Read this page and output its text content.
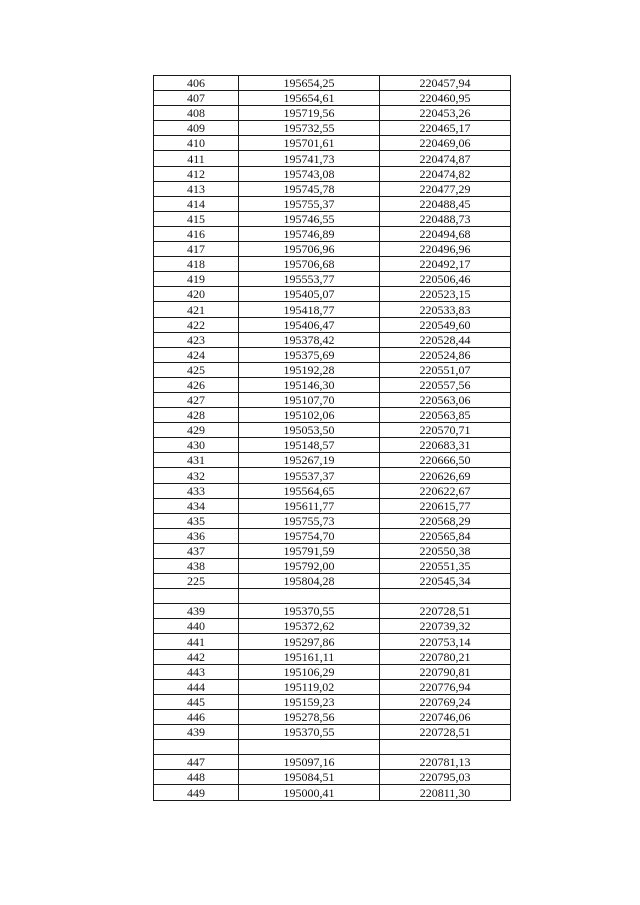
406	195654,25	220457,94
407	195654,61	220460,95
408	195719,56	220453,26
409	195732,55	220465,17
410	195701,61	220469,06
411	195741,73	220474,87
412	195743,08	220474,82
413	195745,78	220477,29
414	195755,37	220488,45
415	195746,55	220488,73
416	195746,89	220494,68
417	195706,96	220496,96
418	195706,68	220492,17
419	195553,77	220506,46
420	195405,07	220523,15
421	195418,77	220533,83
422	195406,47	220549,60
423	195378,42	220528,44
424	195375,69	220524,86
425	195192,28	220551,07
426	195146,30	220557,56
427	195107,70	220563,06
428	195102,06	220563,85
429	195053,50	220570,71
430	195148,57	220683,31
431	195267,19	220666,50
432	195537,37	220626,69
433	195564,65	220622,67
434	195611,77	220615,77
435	195755,73	220568,29
436	195754,70	220565,84
437	195791,59	220550,38
438	195792,00	220551,35
225	195804,28	220545,34

439	195370,55	220728,51
440	195372,62	220739,32
441	195297,86	220753,14
442	195161,11	220780,21
443	195106,29	220790,81
444	195119,02	220776,94
445	195159,23	220769,24
446	195278,56	220746,06
439	195370,55	220728,51

447	195097,16	220781,13
448	195084,51	220795,03
449	195000,41	220811,30
